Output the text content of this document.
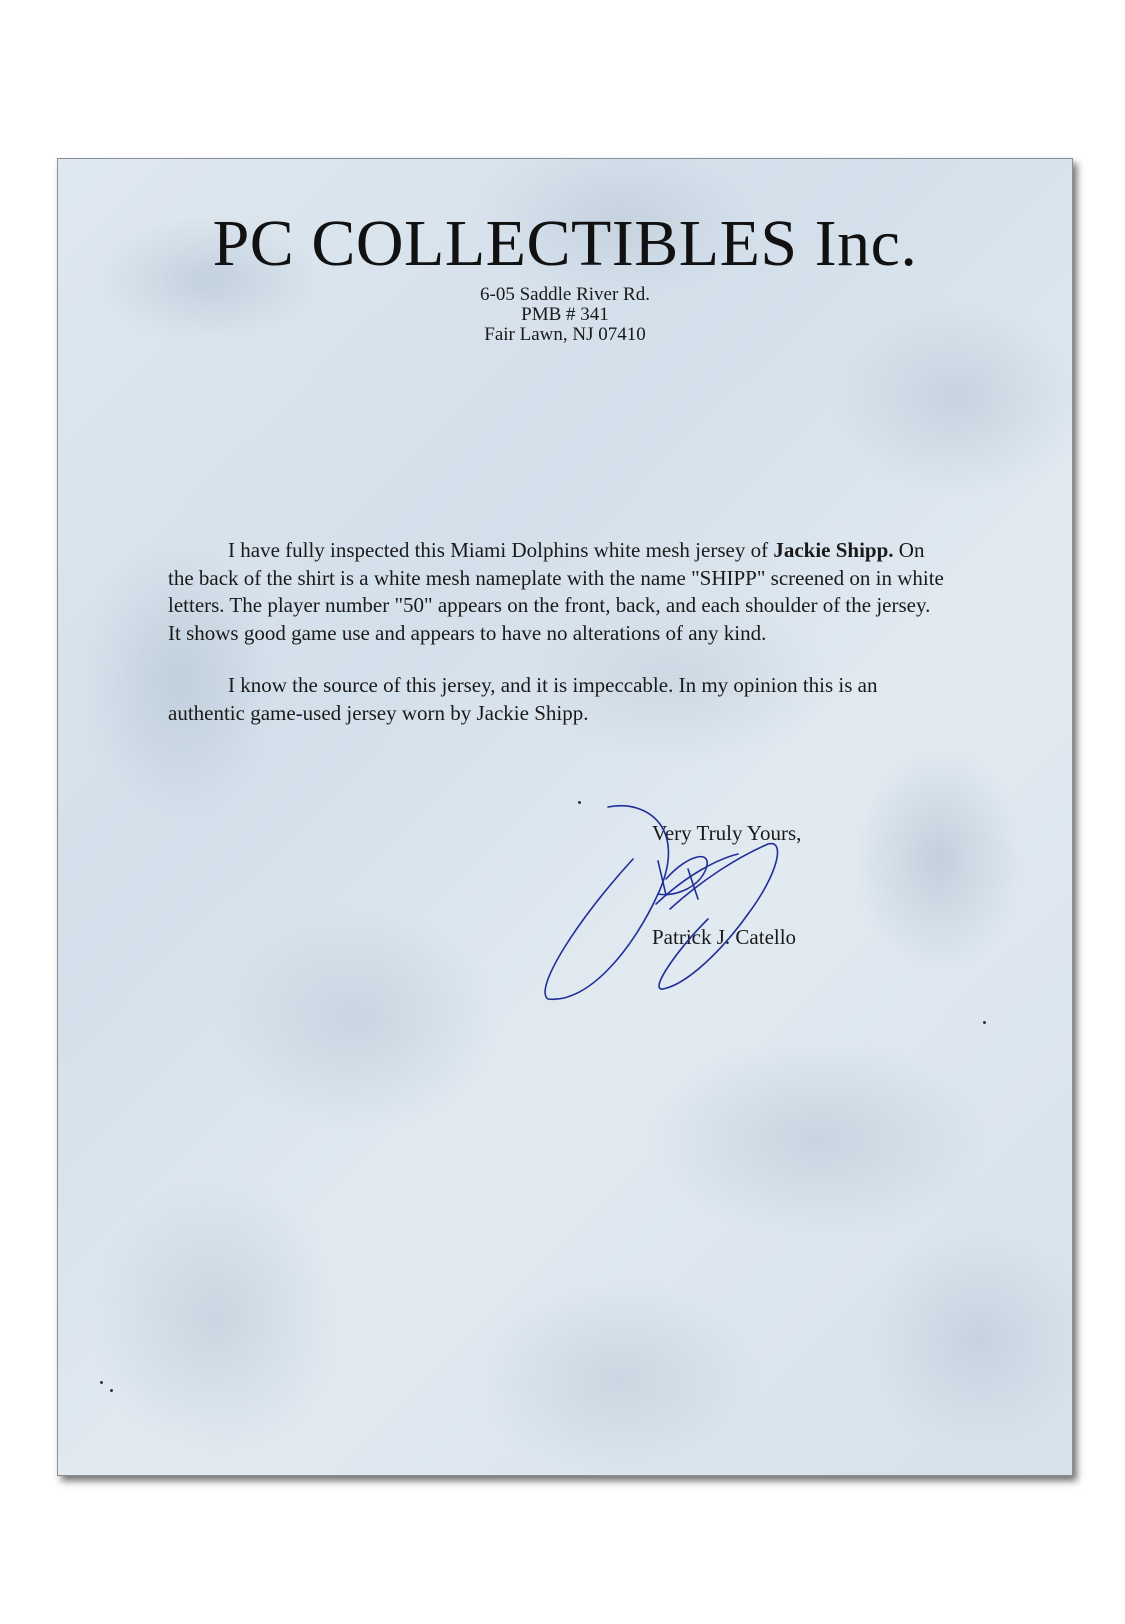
PC COLLECTIBLES Inc.
6-05 Saddle River Rd.
PMB # 341
Fair Lawn, NJ 07410

I have fully inspected this Miami Dolphins white mesh jersey of Jackie Shipp. On the back of the shirt is a white mesh nameplate with the name "SHIPP" screened on in white letters. The player number "50" appears on the front, back, and each shoulder of the jersey. It shows good game use and appears to have no alterations of any kind.

I know the source of this jersey, and it is impeccable. In my opinion this is an authentic game-used jersey worn by Jackie Shipp.

Very Truly Yours,
Patrick J. Catello
